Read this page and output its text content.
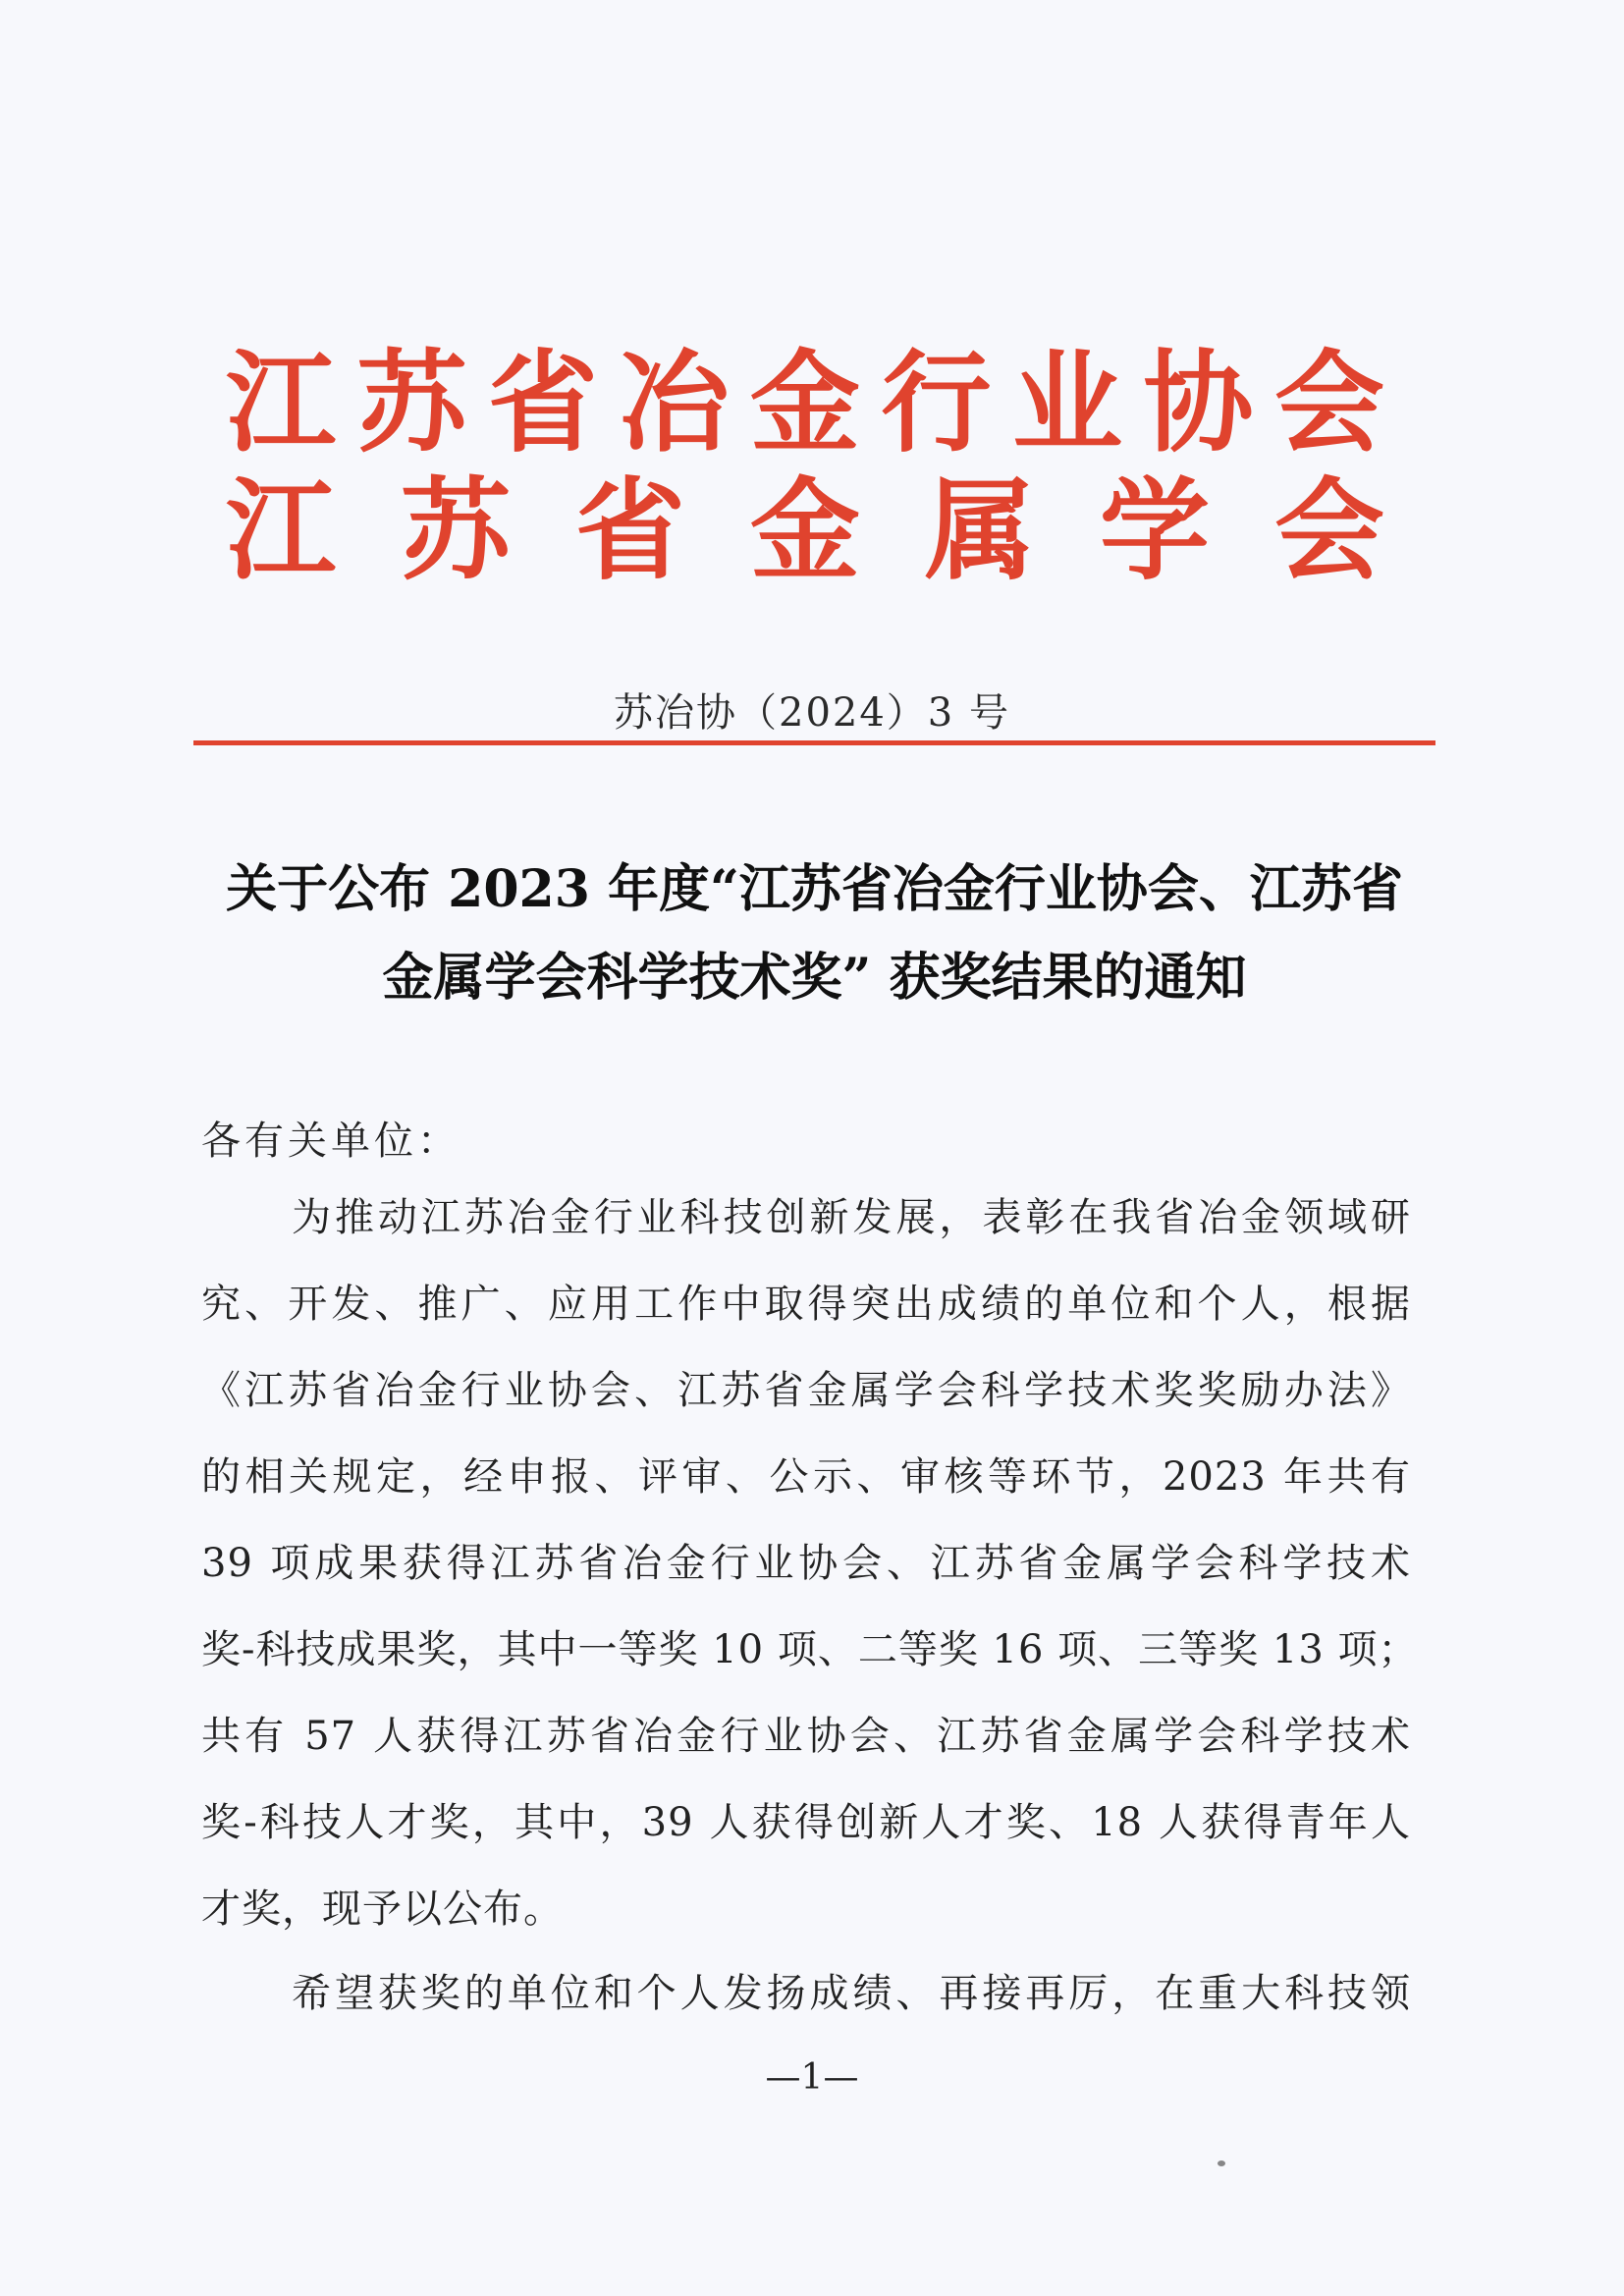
江 苏 省 冶 金 行 业 协 会
江 苏 省 金 属 学 会
苏冶协（2024）3 号
关于公布 2023 年度“江苏省冶金行业协会、江苏省
金属学会科学技术奖” 获奖结果的通知
各有关单位：
为推动江苏冶金行业科技创新发展，表彰在我省冶金领域研
究、开发、推广、应用工作中取得突出成绩的单位和个人，根据
《江苏省冶金行业协会、江苏省金属学会科学技术奖奖励办法》
的相关规定，经申报、评审、公示、审核等环节，2023 年共有
39 项成果获得江苏省冶金行业协会、江苏省金属学会科学技术
奖-科技成果奖，其中一等奖 10 项、二等奖 16 项、三等奖 13 项；
共有 57 人获得江苏省冶金行业协会、江苏省金属学会科学技术
奖-科技人才奖，其中，39 人获得创新人才奖、18 人获得青年人
才奖，现予以公布。
希望获奖的单位和个人发扬成绩、再接再厉，在重大科技领
—1—
